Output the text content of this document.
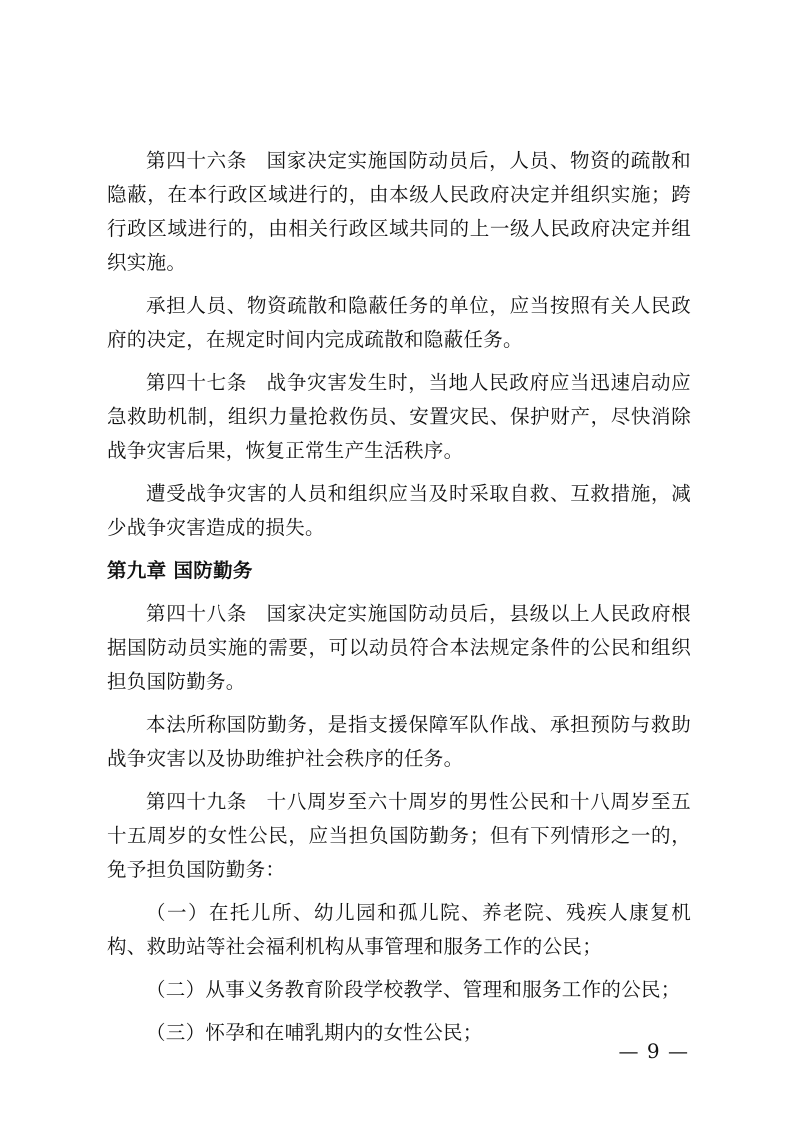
第四十六条 国家决定实施国防动员后，人员、物资的疏散和隐蔽，在本行政区域进行的，由本级人民政府决定并组织实施；跨行政区域进行的，由相关行政区域共同的上一级人民政府决定并组织实施。

承担人员、物资疏散和隐蔽任务的单位，应当按照有关人民政府的决定，在规定时间内完成疏散和隐蔽任务。

第四十七条 战争灾害发生时，当地人民政府应当迅速启动应急救助机制，组织力量抢救伤员、安置灾民、保护财产，尽快消除战争灾害后果，恢复正常生产生活秩序。

遭受战争灾害的人员和组织应当及时采取自救、互救措施，减少战争灾害造成的损失。

第九章 国防勤务

第四十八条 国家决定实施国防动员后，县级以上人民政府根据国防动员实施的需要，可以动员符合本法规定条件的公民和组织担负国防勤务。

本法所称国防勤务，是指支援保障军队作战、承担预防与救助战争灾害以及协助维护社会秩序的任务。

第四十九条 十八周岁至六十周岁的男性公民和十八周岁至五十五周岁的女性公民，应当担负国防勤务；但有下列情形之一的，免予担负国防勤务：

（一）在托儿所、幼儿园和孤儿院、养老院、残疾人康复机构、救助站等社会福利机构从事管理和服务工作的公民；

（二）从事义务教育阶段学校教学、管理和服务工作的公民；

（三）怀孕和在哺乳期内的女性公民；

— 9 —
